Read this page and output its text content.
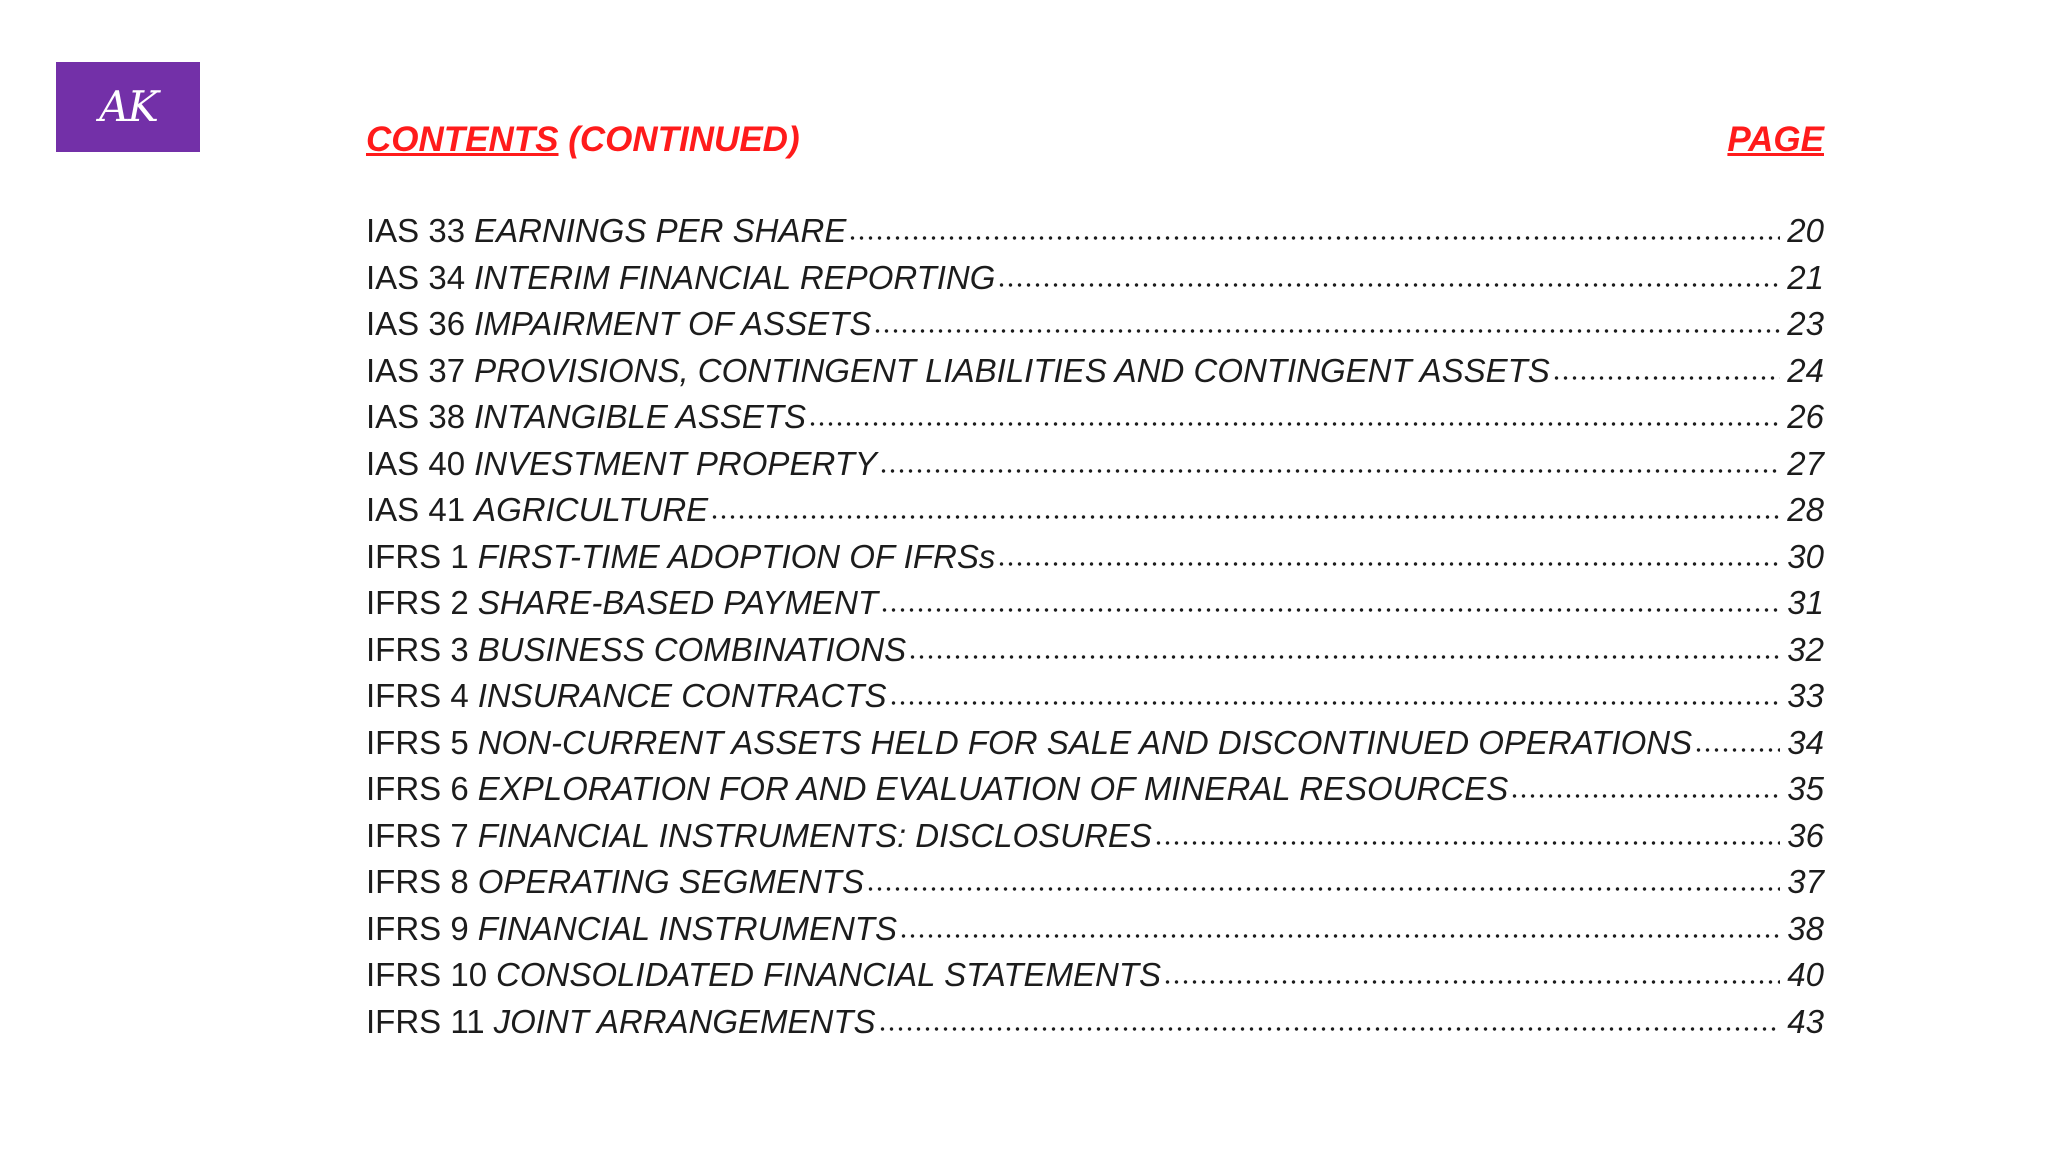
AK
CONTENTS (CONTINUED)	PAGE
IAS 33 EARNINGS PER SHARE	20
IAS 34 INTERIM FINANCIAL REPORTING	21
IAS 36 IMPAIRMENT OF ASSETS	23
IAS 37 PROVISIONS, CONTINGENT LIABILITIES AND CONTINGENT ASSETS	24
IAS 38 INTANGIBLE ASSETS	26
IAS 40 INVESTMENT PROPERTY	27
IAS 41 AGRICULTURE	28
IFRS 1 FIRST-TIME ADOPTION OF IFRSs	30
IFRS 2 SHARE-BASED PAYMENT	31
IFRS 3 BUSINESS COMBINATIONS	32
IFRS 4 INSURANCE CONTRACTS	33
IFRS 5 NON-CURRENT ASSETS HELD FOR SALE AND DISCONTINUED OPERATIONS	34
IFRS 6 EXPLORATION FOR AND EVALUATION OF MINERAL RESOURCES	35
IFRS 7 FINANCIAL INSTRUMENTS: DISCLOSURES	36
IFRS 8 OPERATING SEGMENTS	37
IFRS 9 FINANCIAL INSTRUMENTS	38
IFRS 10 CONSOLIDATED FINANCIAL STATEMENTS	40
IFRS 11 JOINT ARRANGEMENTS	43
